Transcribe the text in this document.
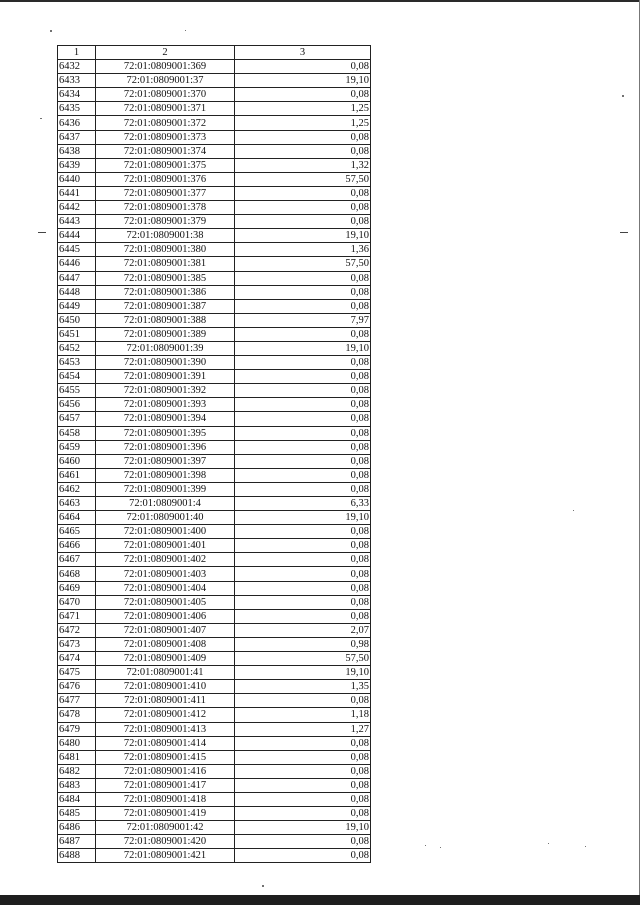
1	2	3
6432	72:01:0809001:369	0,08
6433	72:01:0809001:37	19,10
6434	72:01:0809001:370	0,08
6435	72:01:0809001:371	1,25
6436	72:01:0809001:372	1,25
6437	72:01:0809001:373	0,08
6438	72:01:0809001:374	0,08
6439	72:01:0809001:375	1,32
6440	72:01:0809001:376	57,50
6441	72:01:0809001:377	0,08
6442	72:01:0809001:378	0,08
6443	72:01:0809001:379	0,08
6444	72:01:0809001:38	19,10
6445	72:01:0809001:380	1,36
6446	72:01:0809001:381	57,50
6447	72:01:0809001:385	0,08
6448	72:01:0809001:386	0,08
6449	72:01:0809001:387	0,08
6450	72:01:0809001:388	7,97
6451	72:01:0809001:389	0,08
6452	72:01:0809001:39	19,10
6453	72:01:0809001:390	0,08
6454	72:01:0809001:391	0,08
6455	72:01:0809001:392	0,08
6456	72:01:0809001:393	0,08
6457	72:01:0809001:394	0,08
6458	72:01:0809001:395	0,08
6459	72:01:0809001:396	0,08
6460	72:01:0809001:397	0,08
6461	72:01:0809001:398	0,08
6462	72:01:0809001:399	0,08
6463	72:01:0809001:4	6,33
6464	72:01:0809001:40	19,10
6465	72:01:0809001:400	0,08
6466	72:01:0809001:401	0,08
6467	72:01:0809001:402	0,08
6468	72:01:0809001:403	0,08
6469	72:01:0809001:404	0,08
6470	72:01:0809001:405	0,08
6471	72:01:0809001:406	0,08
6472	72:01:0809001:407	2,07
6473	72:01:0809001:408	0,98
6474	72:01:0809001:409	57,50
6475	72:01:0809001:41	19,10
6476	72:01:0809001:410	1,35
6477	72:01:0809001:411	0,08
6478	72:01:0809001:412	1,18
6479	72:01:0809001:413	1,27
6480	72:01:0809001:414	0,08
6481	72:01:0809001:415	0,08
6482	72:01:0809001:416	0,08
6483	72:01:0809001:417	0,08
6484	72:01:0809001:418	0,08
6485	72:01:0809001:419	0,08
6486	72:01:0809001:42	19,10
6487	72:01:0809001:420	0,08
6488	72:01:0809001:421	0,08
